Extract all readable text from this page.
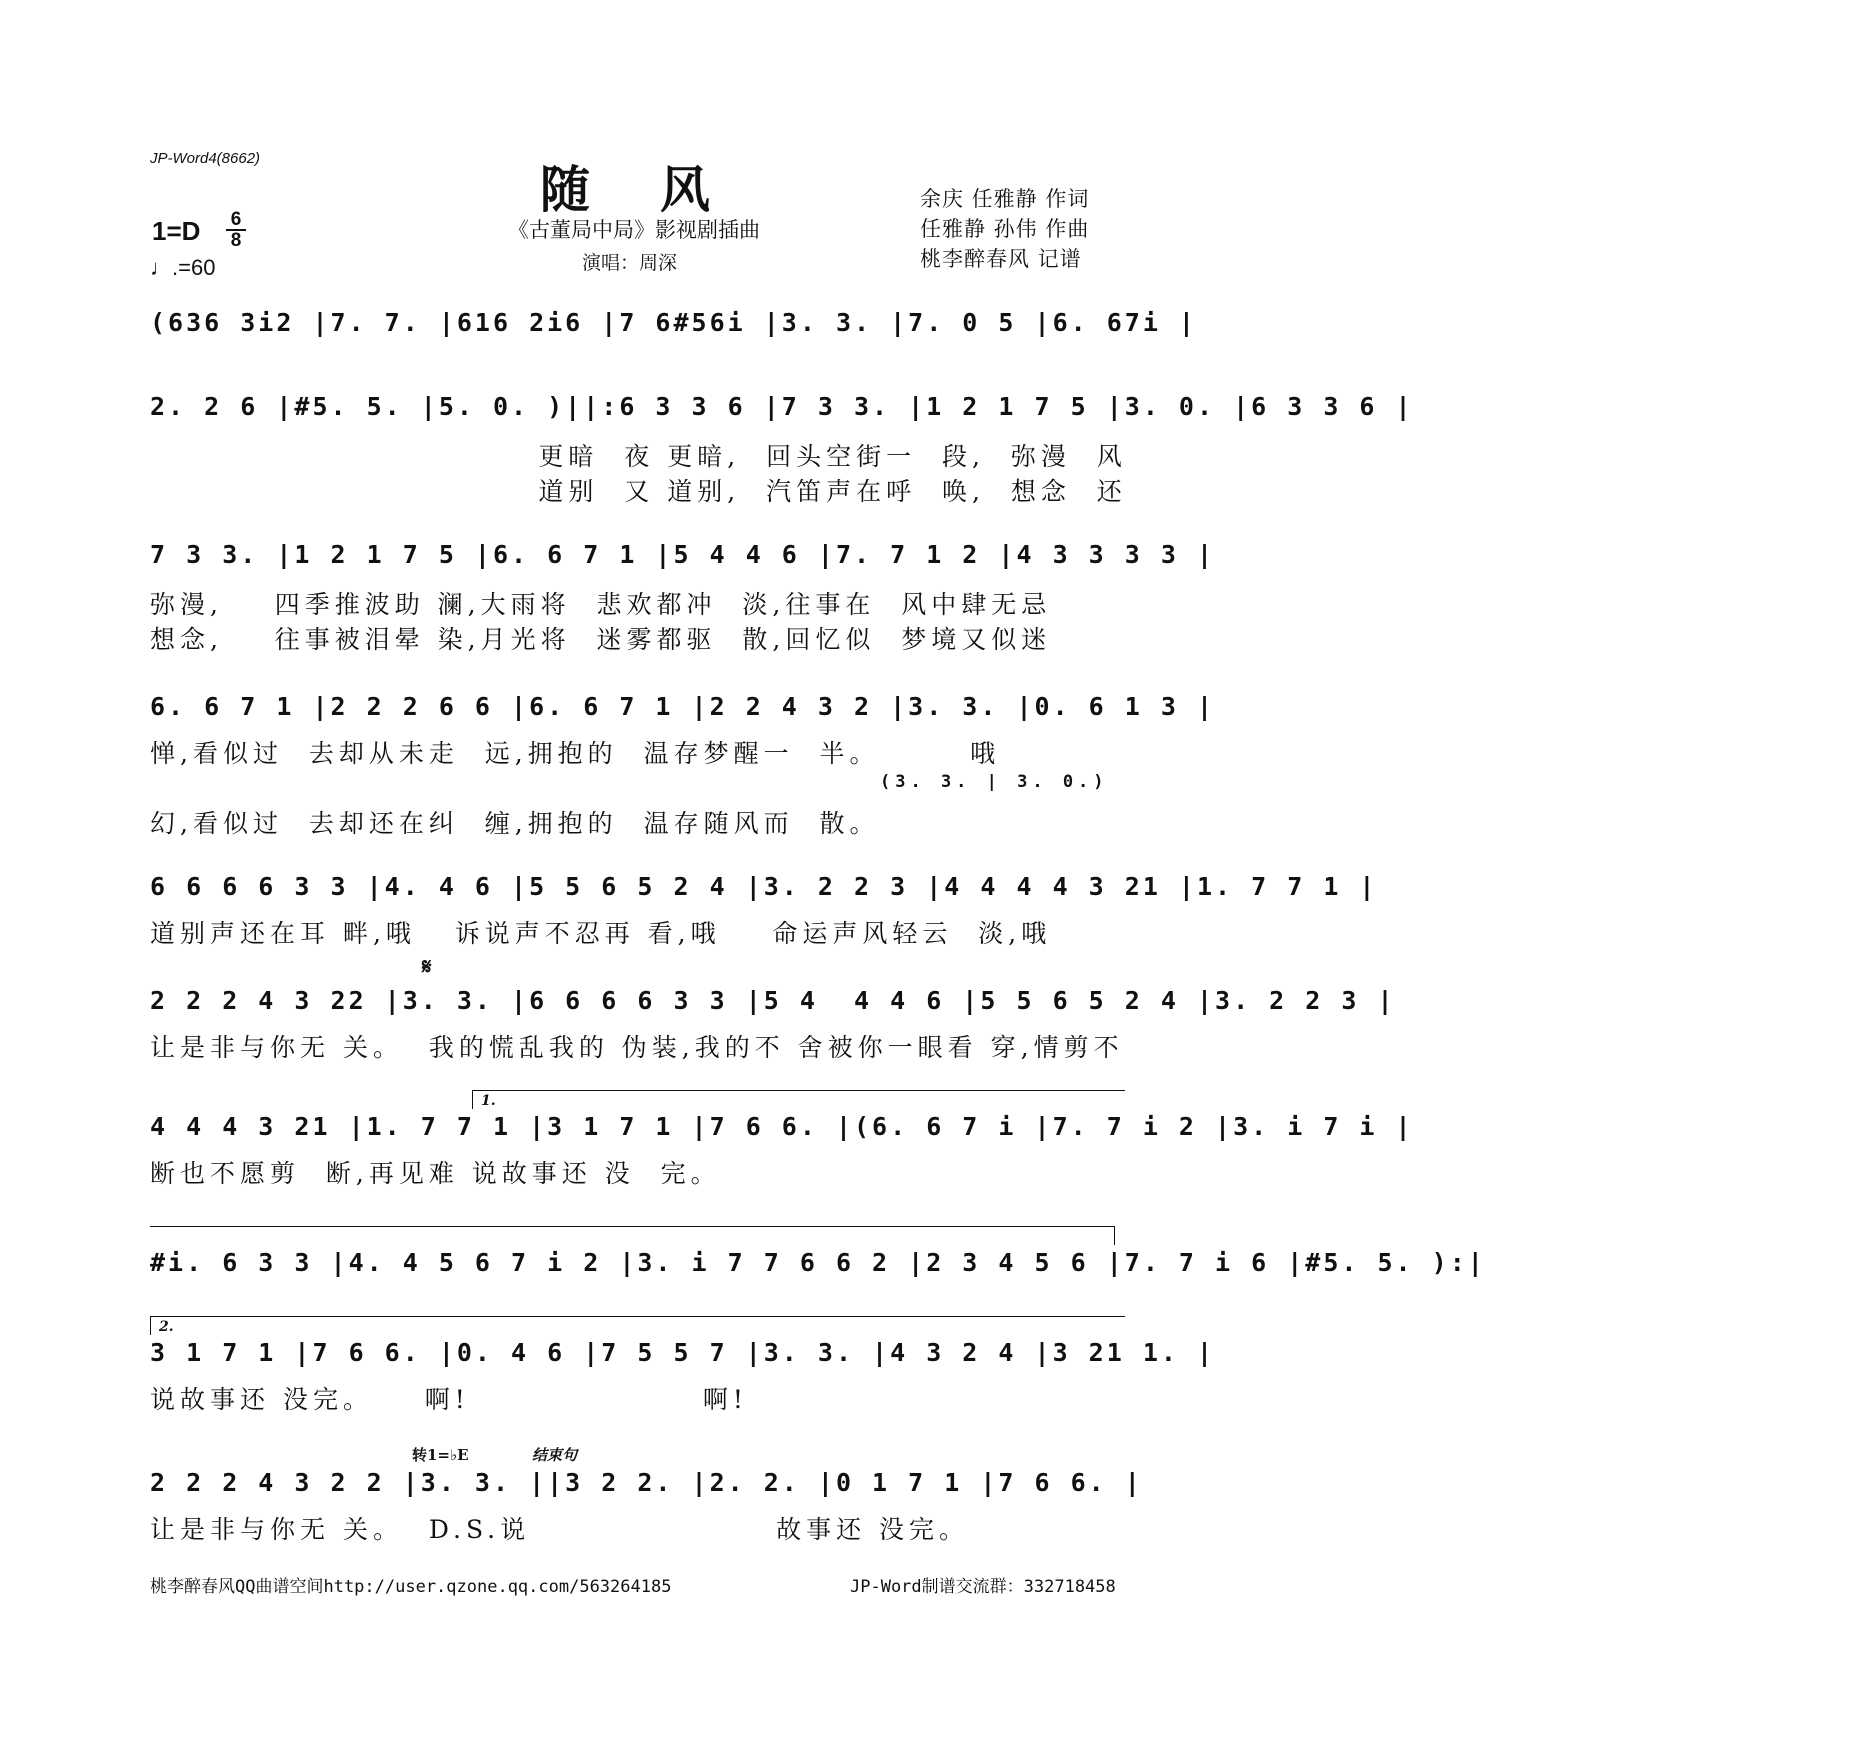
JP-Word4(8662)
随风
《古董局中局》影视剧插曲
演唱：周深
余庆 任雅静 作词
任雅静 孙伟 作曲
桃李醉春风 记谱
1=D	6
8
♩.=60
(636 3i2 |7. 7. |616 2i6 |7 6#56i |3. 3. |7. 0 5 |6. 67i |
2. 2 6 |#5. 5. |5. 0. )||:6 3 3 6 |7 3 3. |1 2 1 7 5 |3. 0. |6 3 3 6 |
更暗  夜 更暗,  回头空街一  段,  弥漫  风
道别  又 道别,  汽笛声在呼  唤,  想念  还
7 3 3. |1 2 1 7 5 |6. 6 7 1 |5 4 4 6 |7. 7 1 2 |4 3 3 3 3 |
弥漫,    四季推波助 澜,大雨将  悲欢都冲  淡,往事在  风中肆无忌
想念,    往事被泪晕 染,月光将  迷雾都驱  散,回忆似  梦境又似迷
6. 6 7 1 |2 2 2 6 6 |6. 6 7 1 |2 2 4 3 2 |3. 3. |0. 6 1 3 |
惮,看似过  去却从未走  远,拥抱的  温存梦醒一  半。       哦
(3. 3. | 3. 0.)
幻,看似过  去却还在纠  缠,拥抱的  温存随风而  散。
6 6 6 6 3 3 |4. 4 6 |5 5 6 5 2 4 |3. 2 2 3 |4 4 4 4 3 21 |1. 7 7 1 |
道别声还在耳 畔,哦   诉说声不忍再 看,哦    命运声风轻云  淡,哦
𝄋
2 2 2 4 3 22 |3. 3. |6 6 6 6 3 3 |5 4  4 4 6 |5 5 6 5 2 4 |3. 2 2 3 |
让是非与你无 关。  我的慌乱我的 伪装,我的不 舍被你一眼看 穿,情剪不
1.
4 4 4 3 21 |1. 7 7 1 |3 1 7 1 |7 6 6. |(6. 6 7 i |7. 7 i 2 |3. i 7 i |
断也不愿剪  断,再见难 说故事还 没  完。
#i. 6 3 3 |4. 4 5 6 7 i 2 |3. i 7 7 6 6 2 |2 3 4 5 6 |7. 7 i 6 |#5. 5. ):|
2.
3 1 7 1 |7 6 6. |0. 4 6 |7 5 5 7 |3. 3. |4 3 2 4 |3 21 1. |
说故事还 没完。    啊!                  啊!
转1=♭E	结束句
2 2 2 4 3 2 2 |3. 3. ||3 2 2. |2. 2. |0 1 7 1 |7 6 6. |
让是非与你无 关。  D.S.说                   故事还 没完。
桃李醉春风QQ曲谱空间http://user.qzone.qq.com/563264185	JP-Word制谱交流群：332718458
